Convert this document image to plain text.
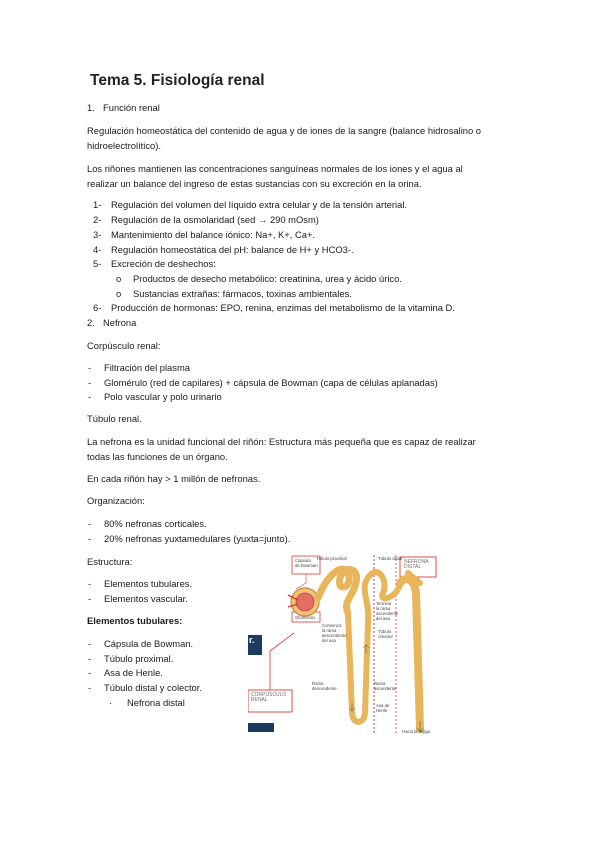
Tema 5. Fisiología renal
1. Función renal
Regulación homeostática del contenido de agua y de iones de la sangre (balance hidrosalino o
hidroelectrolítico).
Los riñones mantienen las concentraciones sanguíneas normales de los iones y el agua al
realizar un balance del ingreso de estas sustancias con su excreción en la orina.
1- Regulación del volumen del líquido extra celular y de la tensión arterial.
2- Regulación de la osmolaridad (sed → 290 mOsm)
3- Mantenimiento del balance iónico: Na+, K+, Ca+.
4- Regulación homeostática del pH: balance de H+ y HCO3-.
5- Excreción de deshechos:
o Productos de desecho metabólico: creatinina, urea y ácido úrico.
o Sustancias extrañas: fármacos, toxinas ambientales.
6- Producción de hormonas: EPO, renina, enzimas del metabolismo de la vitamina D.
2. Nefrona
Corpúsculo renal:
- Filtración del plasma
- Glomérulo (red de capilares) + cápsula de Bowman (capa de células aplanadas)
- Polo vascular y polo urinario
Túbulo renal.
La nefrona es la unidad funcional del riñón: Estructura más pequeña que es capaz de realizar
todas las funciones de un órgano.
En cada riñón hay > 1 millón de nefronas.
Organización:
- 80% nefronas corticales.
- 20% nefronas yuxtamedulares (yuxta=junto).
Estructura:
- Elementos tubulares.
- Elementos vascular.
Elementos tubulares:
- Cápsula de Bowman.
- Túbulo proximal.
- Asa de Henle.
- Túbulo distal y colector.
· Nefrona distal
Cápsula
de Bowman
Túbulo proximal	Túbulo distal
NEFRONA
DISTAL
Glomérulo
Comienza
la rama
descendente
del asa
Termina
la rama
ascendente
del asa
Túbulo
colector
Rama
descendente
Rama
ascendente
Asa de
Henle
CORPÚSCULO
RENAL
Hacia la vejiga
r.
